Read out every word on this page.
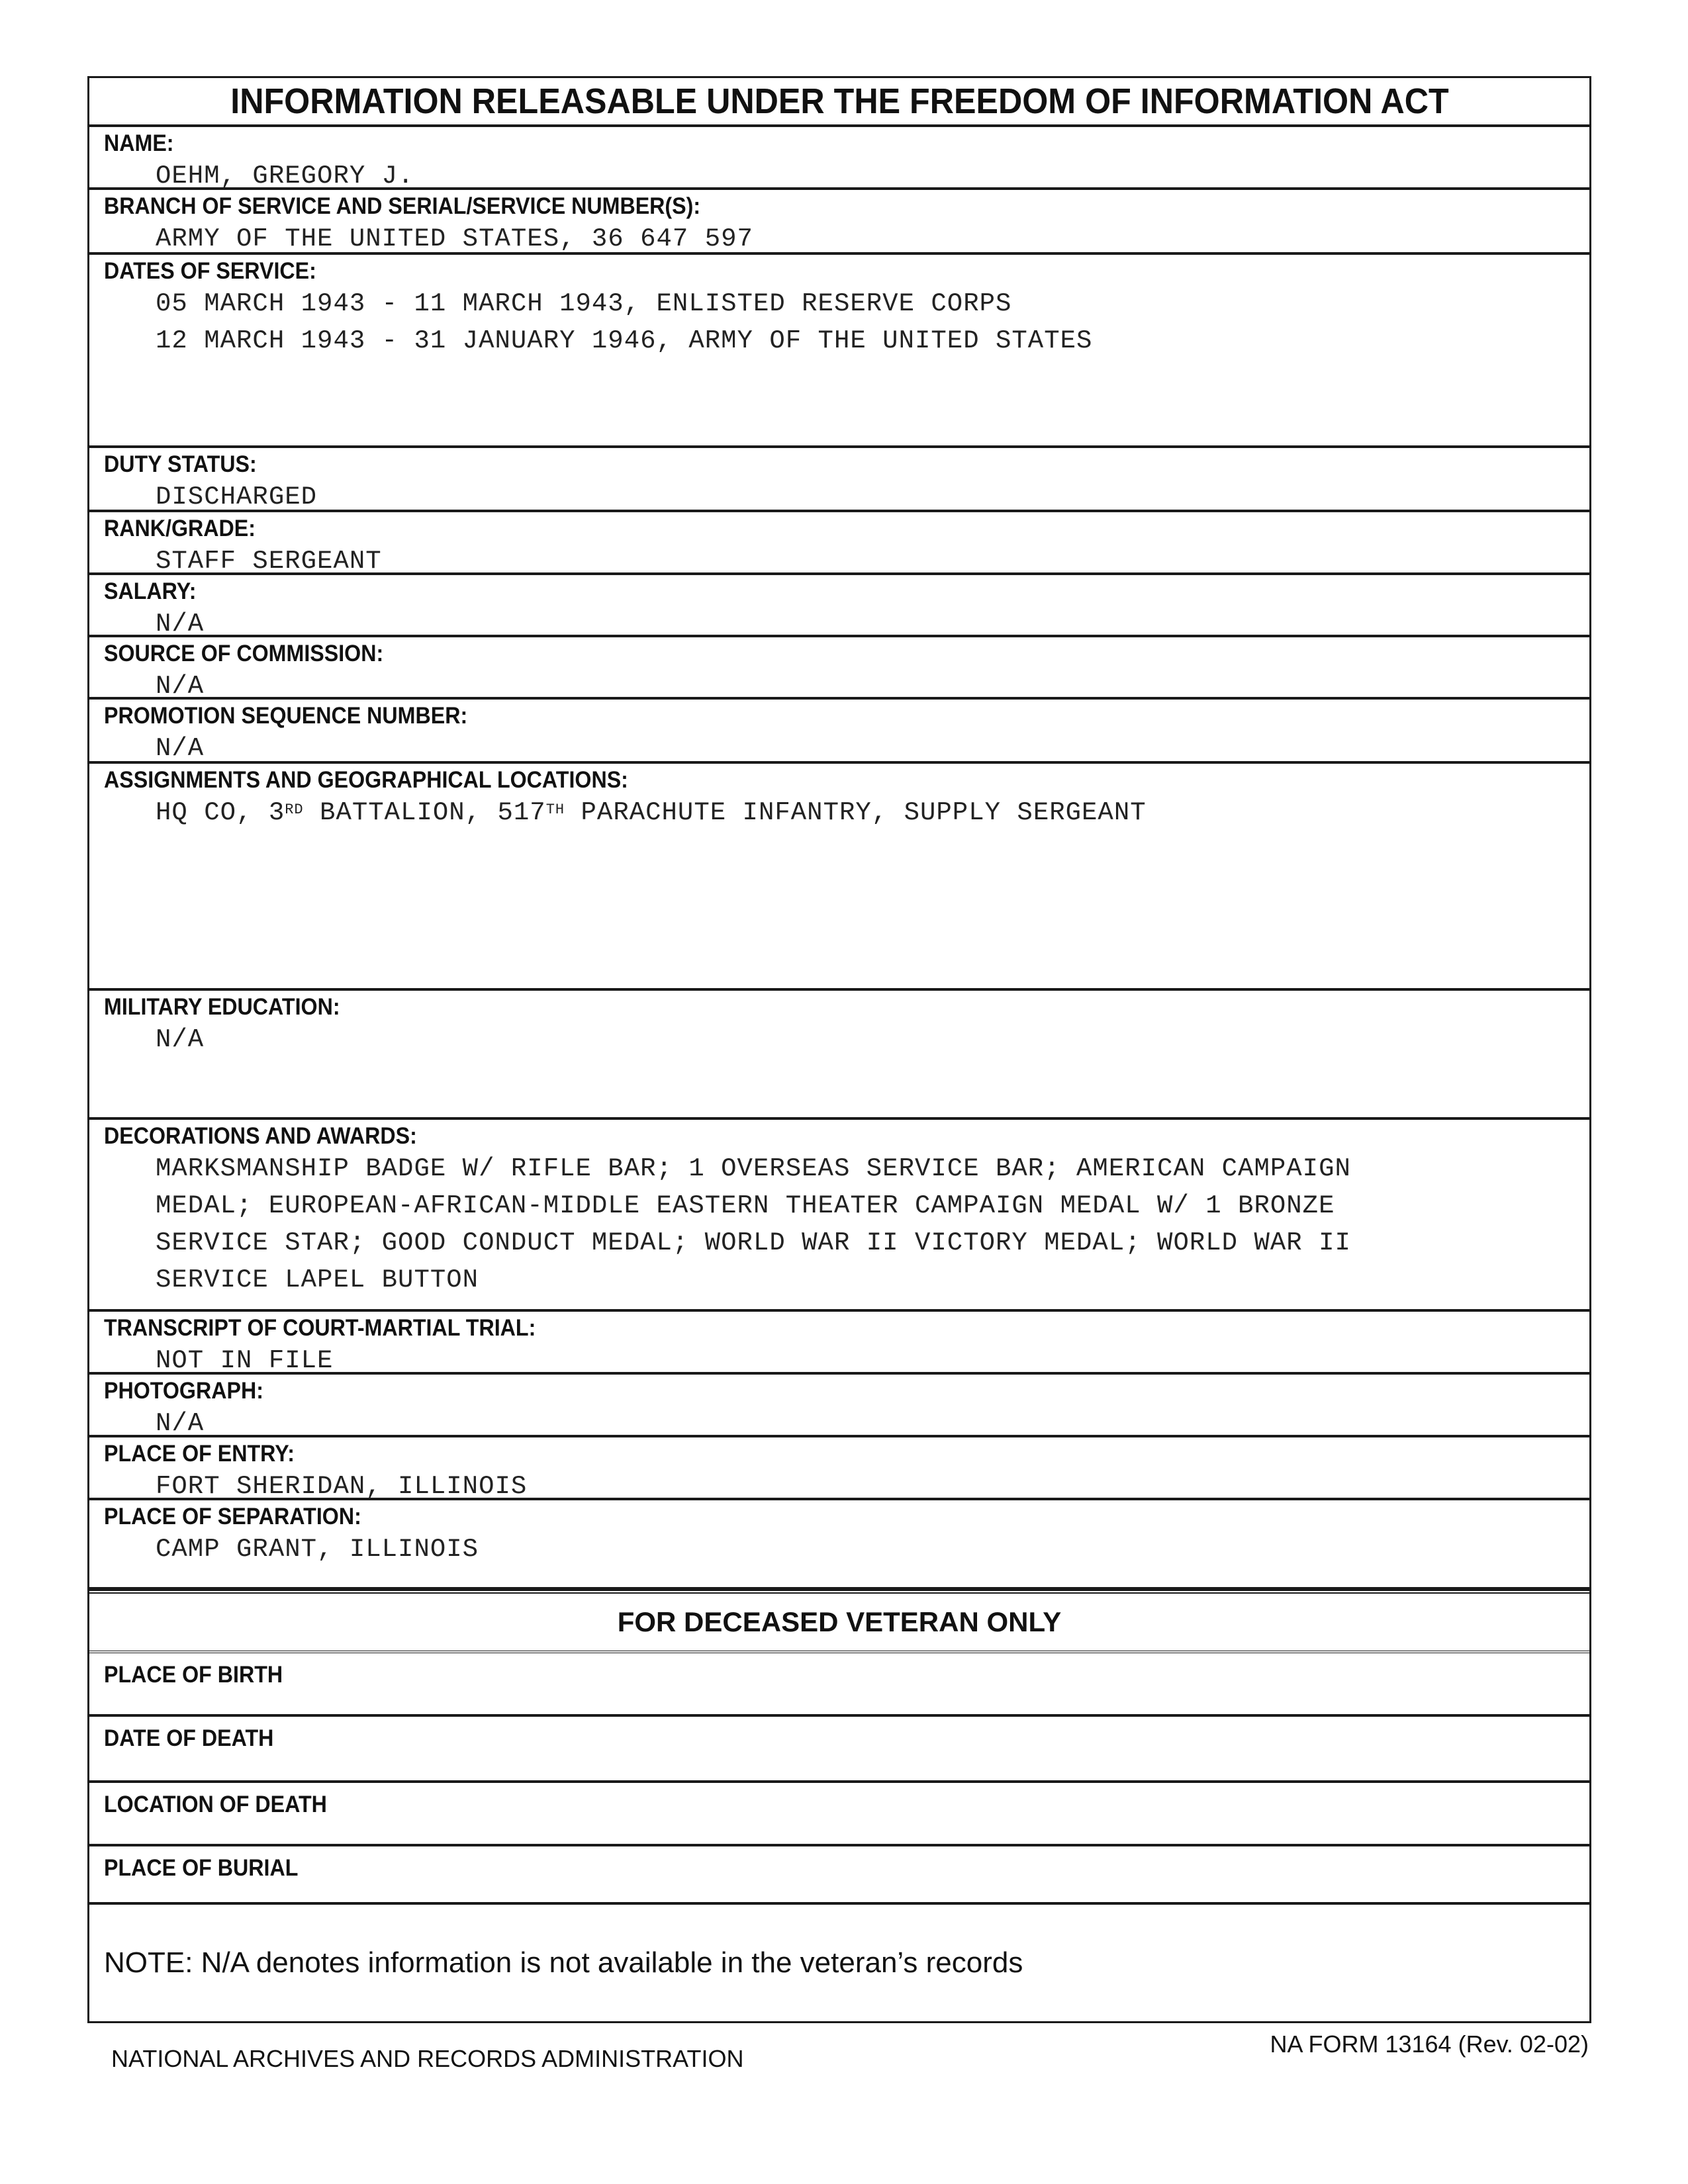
INFORMATION RELEASABLE UNDER THE FREEDOM OF INFORMATION ACT
NAME:
OEHM, GREGORY J.
BRANCH OF SERVICE AND SERIAL/SERVICE NUMBER(S):
ARMY OF THE UNITED STATES, 36 647 597
DATES OF SERVICE:
05 MARCH 1943 - 11 MARCH 1943, ENLISTED RESERVE CORPS
12 MARCH 1943 - 31 JANUARY 1946, ARMY OF THE UNITED STATES
DUTY STATUS:
DISCHARGED
RANK/GRADE:
STAFF SERGEANT
SALARY:
N/A
SOURCE OF COMMISSION:
N/A
PROMOTION SEQUENCE NUMBER:
N/A
ASSIGNMENTS AND GEOGRAPHICAL LOCATIONS:
HQ CO, 3RD BATTALION, 517TH PARACHUTE INFANTRY, SUPPLY SERGEANT
MILITARY EDUCATION:
N/A
DECORATIONS AND AWARDS:
MARKSMANSHIP BADGE W/ RIFLE BAR; 1 OVERSEAS SERVICE BAR; AMERICAN CAMPAIGN
MEDAL; EUROPEAN-AFRICAN-MIDDLE EASTERN THEATER CAMPAIGN MEDAL W/ 1 BRONZE
SERVICE STAR; GOOD CONDUCT MEDAL; WORLD WAR II VICTORY MEDAL; WORLD WAR II
SERVICE LAPEL BUTTON
TRANSCRIPT OF COURT-MARTIAL TRIAL:
NOT IN FILE
PHOTOGRAPH:
N/A
PLACE OF ENTRY:
FORT SHERIDAN, ILLINOIS
PLACE OF SEPARATION:
CAMP GRANT, ILLINOIS
FOR DECEASED VETERAN ONLY
PLACE OF BIRTH
DATE OF DEATH
LOCATION OF DEATH
PLACE OF BURIAL
NOTE: N/A denotes information is not available in the veteran’s records
NATIONAL ARCHIVES AND RECORDS ADMINISTRATION
NA FORM 13164 (Rev. 02-02)
